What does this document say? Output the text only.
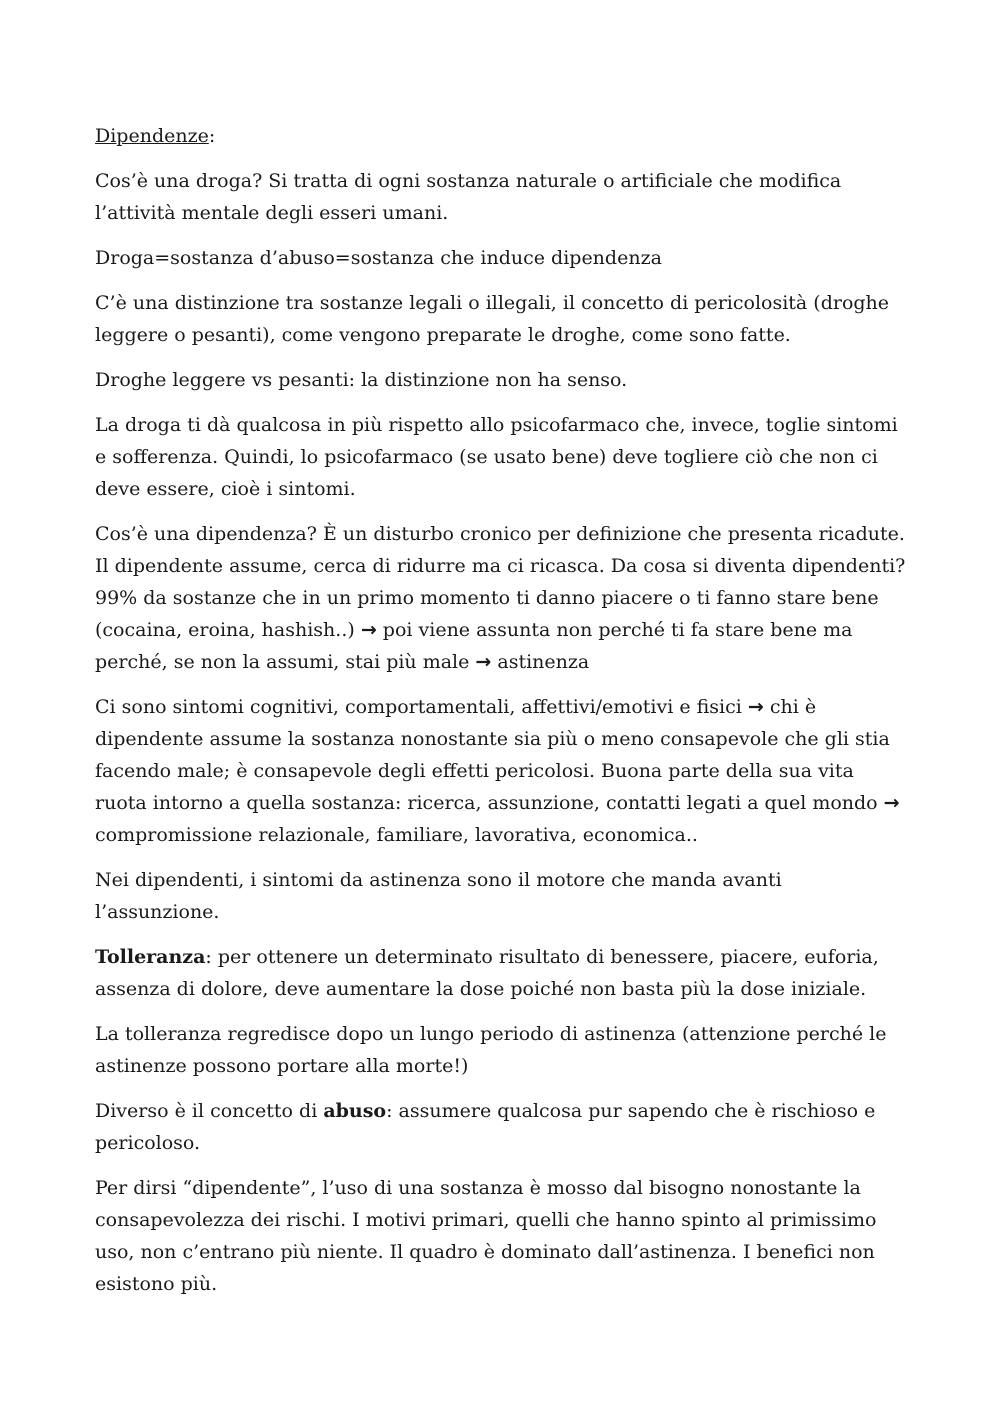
Dipendenze:

Cos’è una droga? Si tratta di ogni sostanza naturale o artificiale che modifica l’attività mentale degli esseri umani.

Droga=sostanza d’abuso=sostanza che induce dipendenza

C’è una distinzione tra sostanze legali o illegali, il concetto di pericolosità (droghe leggere o pesanti), come vengono preparate le droghe, come sono fatte.

Droghe leggere vs pesanti: la distinzione non ha senso.

La droga ti dà qualcosa in più rispetto allo psicofarmaco che, invece, toglie sintomi e sofferenza. Quindi, lo psicofarmaco (se usato bene) deve togliere ciò che non ci deve essere, cioè i sintomi.

Cos’è una dipendenza? È un disturbo cronico per definizione che presenta ricadute. Il dipendente assume, cerca di ridurre ma ci ricasca. Da cosa si diventa dipendenti? 99% da sostanze che in un primo momento ti danno piacere o ti fanno stare bene (cocaina, eroina, hashish..) → poi viene assunta non perché ti fa stare bene ma perché, se non la assumi, stai più male → astinenza

Ci sono sintomi cognitivi, comportamentali, affettivi/emotivi e fisici → chi è dipendente assume la sostanza nonostante sia più o meno consapevole che gli stia facendo male; è consapevole degli effetti pericolosi. Buona parte della sua vita ruota intorno a quella sostanza: ricerca, assunzione, contatti legati a quel mondo → compromissione relazionale, familiare, lavorativa, economica..

Nei dipendenti, i sintomi da astinenza sono il motore che manda avanti l’assunzione.

Tolleranza: per ottenere un determinato risultato di benessere, piacere, euforia, assenza di dolore, deve aumentare la dose poiché non basta più la dose iniziale.

La tolleranza regredisce dopo un lungo periodo di astinenza (attenzione perché le astinenze possono portare alla morte!)

Diverso è il concetto di abuso: assumere qualcosa pur sapendo che è rischioso e pericoloso.

Per dirsi “dipendente”, l’uso di una sostanza è mosso dal bisogno nonostante la consapevolezza dei rischi. I motivi primari, quelli che hanno spinto al primissimo uso, non c’entrano più niente. Il quadro è dominato dall’astinenza. I benefici non esistono più.
